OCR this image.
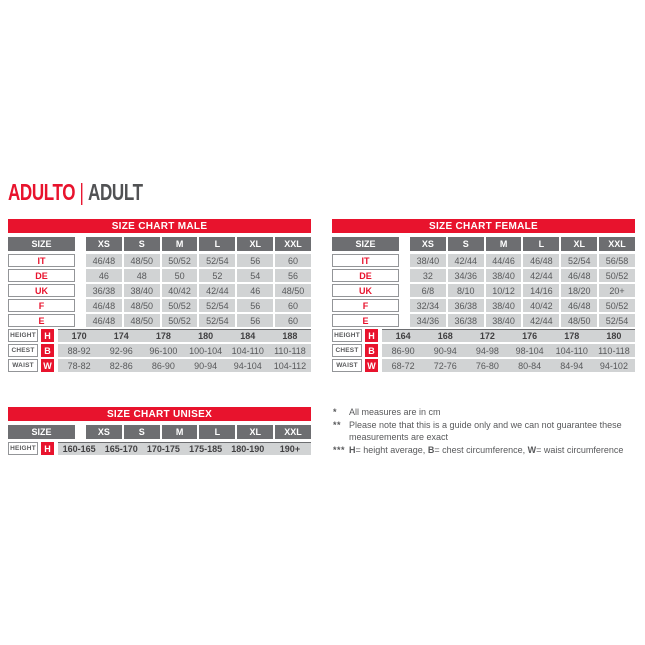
ADULTO | ADULT
SIZE CHART MALE
SIZE	XS	S	M	L	XL	XXL
IT	46/48	48/50	50/52	52/54	56	60
DE	46	48	50	52	54	56
UK	36/38	38/40	40/42	42/44	46	48/50
F	46/48	48/50	50/52	52/54	56	60
E	46/48	48/50	50/52	52/54	56	60
HEIGHT H	170	174	178	180	184	188
CHEST	B	88-92	92-96	96-100	100-104	104-110	110-118
WAIST	W	78-82	82-86	86-90	90-94	94-104	104-112
SIZE CHART FEMALE
SIZE	XS	S	M	L	XL	XXL
IT	38/40	42/44	44/46	46/48	52/54	56/58
DE	32	34/36	38/40	42/44	46/48	50/52
UK	6/8	8/10	10/12	14/16	18/20	20+
F	32/34	36/38	38/40	40/42	46/48	50/52
E	34/36	36/38	38/40	42/44	48/50	52/54
HEIGHT H	164	168	172	176	178	180
CHEST	B	86-90	90-94	94-98	98-104	104-110	110-118
WAIST	W	68-72	72-76	76-80	80-84	84-94	94-102
SIZE CHART UNISEX
SIZE	XS	S	M	L	XL	XXL
HEIGHT H	160-165	165-170	170-175	175-185	180-190	190+
*	All measures are in cm
** Please note that this is a guide only and we can not guarantee these measurements are exact
*** H= height average, B= chest circumference, W= waist circumference
